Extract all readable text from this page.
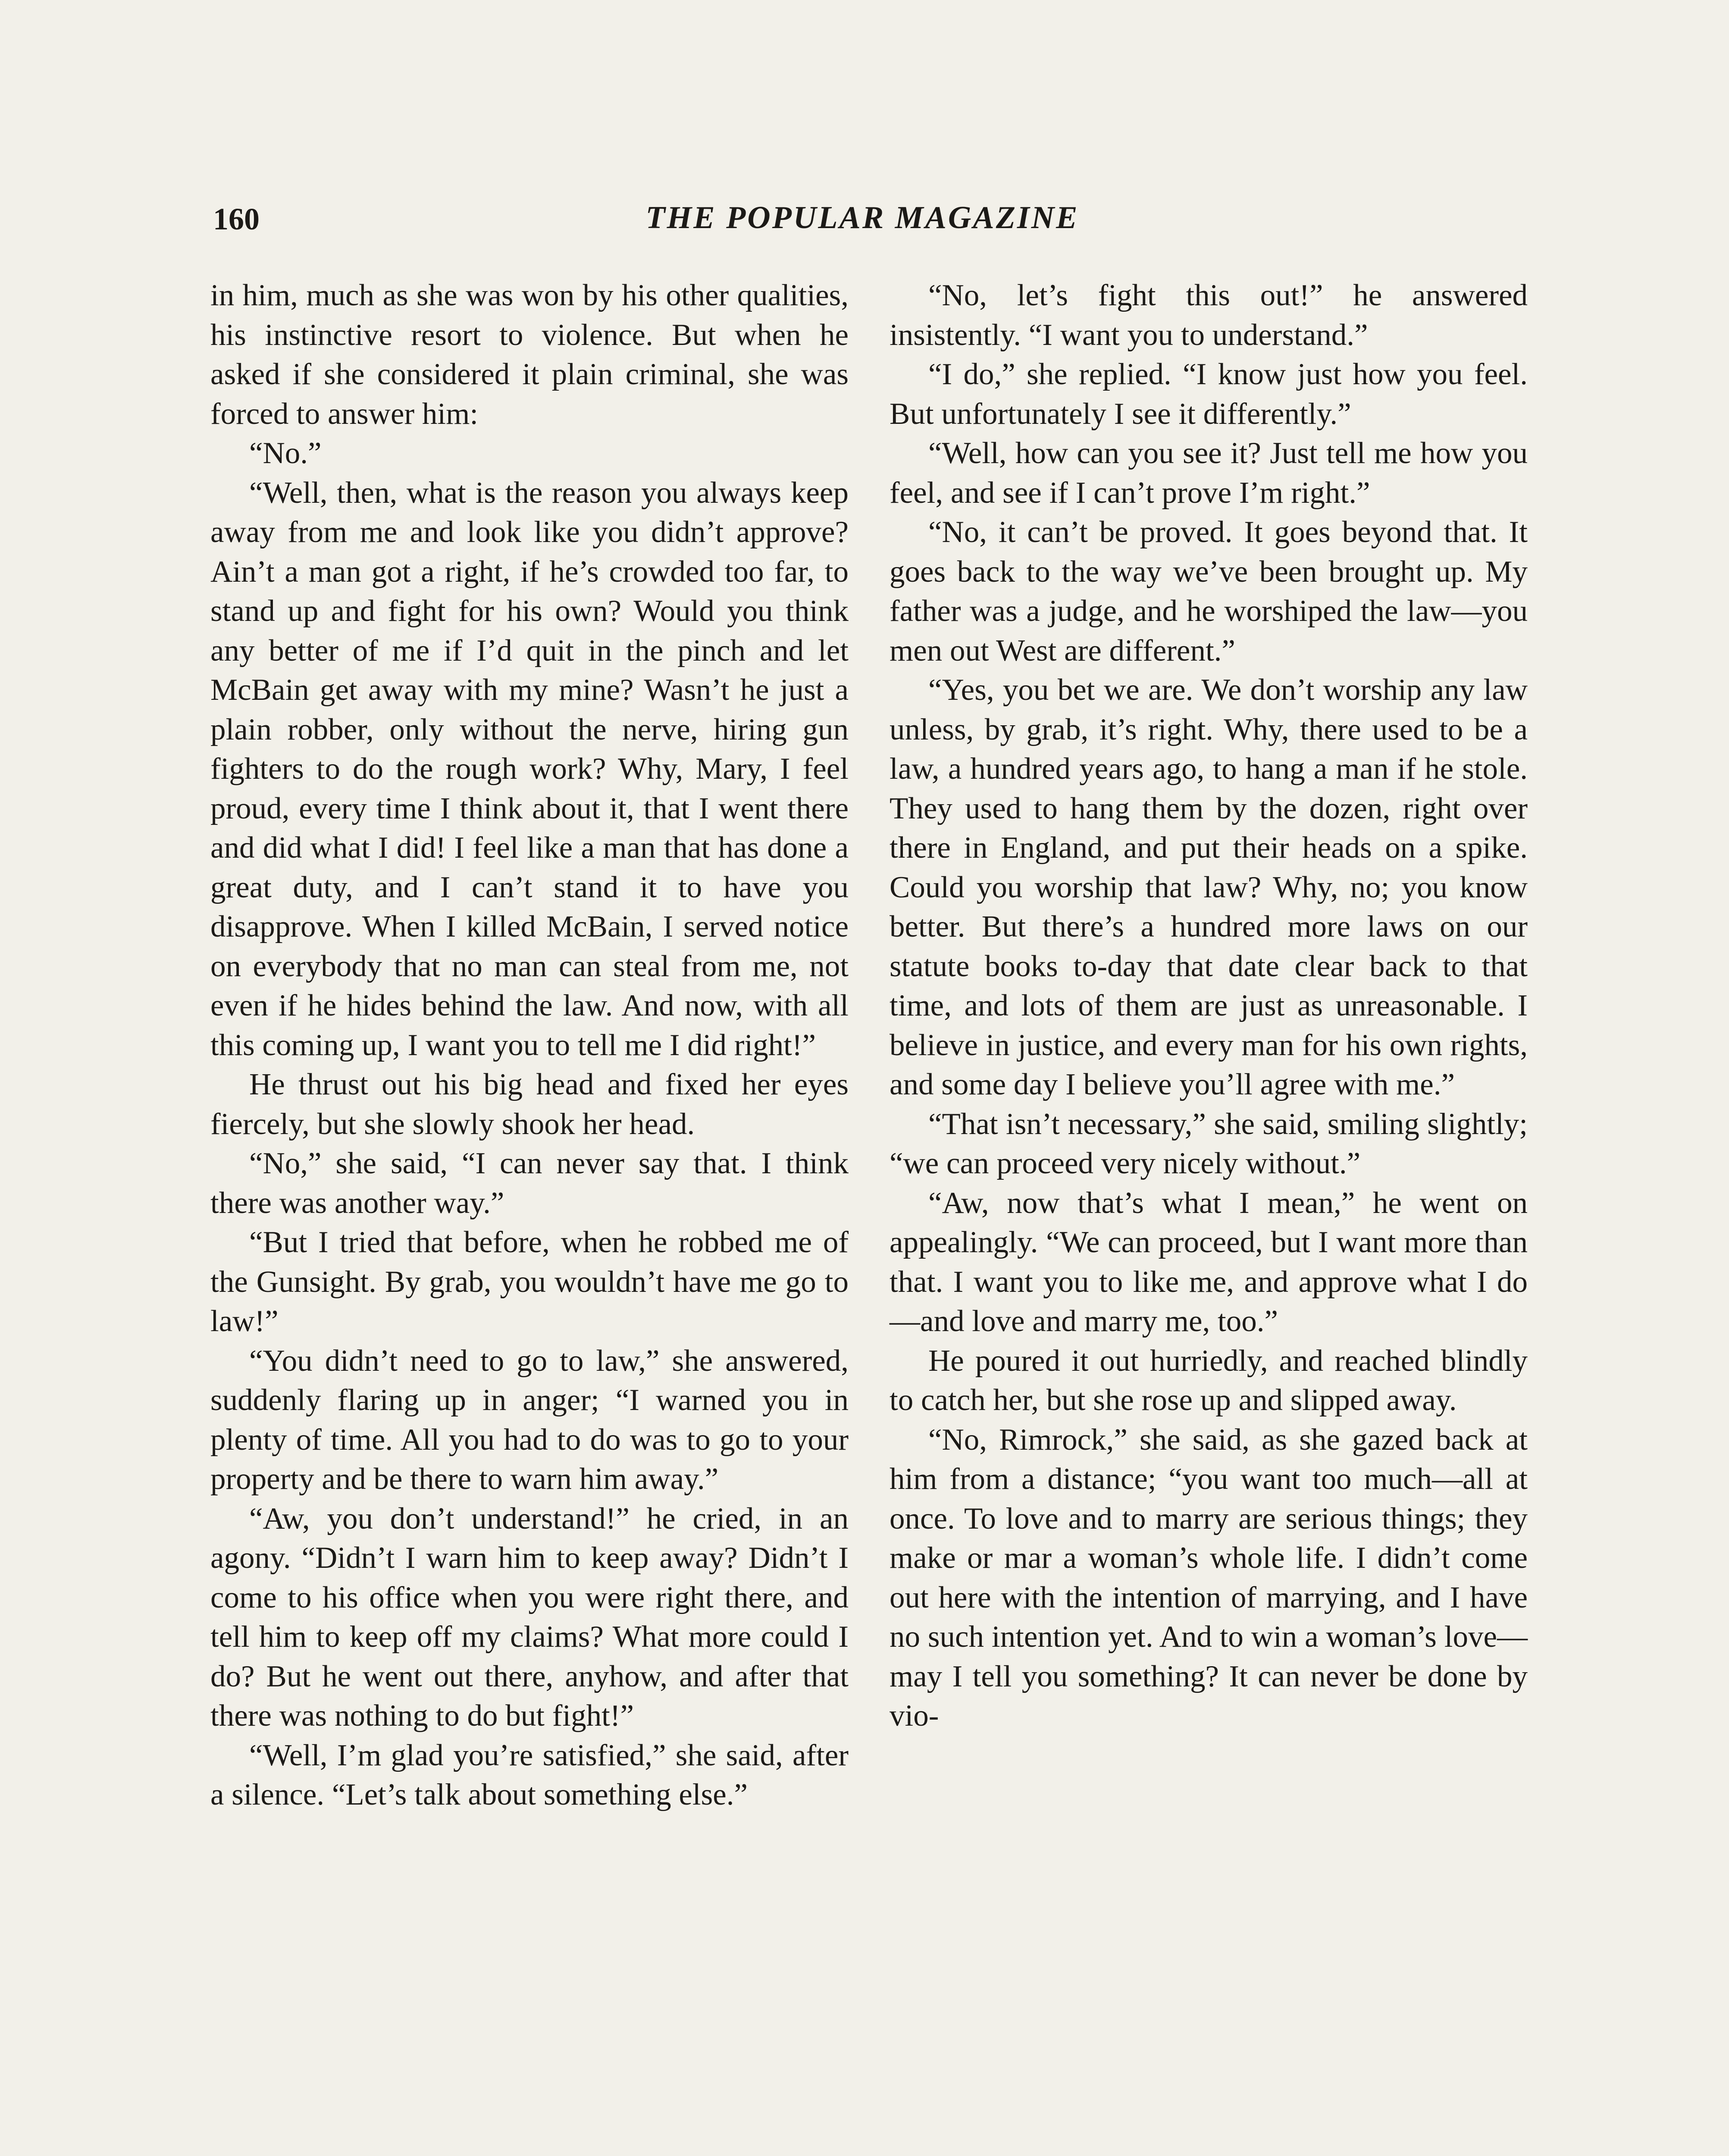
160	THE POPULAR MAGAZINE

in him, much as she was won by his other qualities, his instinctive resort to violence. But when he asked if she considered it plain criminal, she was forced to answer him:

“No.”

“Well, then, what is the reason you always keep away from me and look like you didn’t approve? Ain’t a man got a right, if he’s crowded too far, to stand up and fight for his own? Would you think any better of me if I’d quit in the pinch and let McBain get away with my mine? Wasn’t he just a plain robber, only without the nerve, hiring gun fighters to do the rough work? Why, Mary, I feel proud, every time I think about it, that I went there and did what I did! I feel like a man that has done a great duty, and I can’t stand it to have you disapprove. When I killed McBain, I served notice on everybody that no man can steal from me, not even if he hides behind the law. And now, with all this coming up, I want you to tell me I did right!”

He thrust out his big head and fixed her eyes fiercely, but she slowly shook her head.

“No,” she said, “I can never say that. I think there was another way.”

“But I tried that before, when he robbed me of the Gunsight. By grab, you wouldn’t have me go to law!”

“You didn’t need to go to law,” she answered, suddenly flaring up in anger; “I warned you in plenty of time. All you had to do was to go to your property and be there to warn him away.”

“Aw, you don’t understand!” he cried, in an agony. “Didn’t I warn him to keep away? Didn’t I come to his office when you were right there, and tell him to keep off my claims? What more could I do? But he went out there, anyhow, and after that there was nothing to do but fight!”

“Well, I’m glad you’re satisfied,” she said, after a silence. “Let’s talk about something else.”

“No, let’s fight this out!” he answered insistently. “I want you to understand.”

“I do,” she replied. “I know just how you feel. But unfortunately I see it differently.”

“Well, how can you see it? Just tell me how you feel, and see if I can’t prove I’m right.”

“No, it can’t be proved. It goes beyond that. It goes back to the way we’ve been brought up. My father was a judge, and he worshiped the law—you men out West are different.”

“Yes, you bet we are. We don’t worship any law unless, by grab, it’s right. Why, there used to be a law, a hundred years ago, to hang a man if he stole. They used to hang them by the dozen, right over there in England, and put their heads on a spike. Could you worship that law? Why, no; you know better. But there’s a hundred more laws on our statute books to-day that date clear back to that time, and lots of them are just as unreasonable. I believe in justice, and every man for his own rights, and some day I believe you’ll agree with me.”

“That isn’t necessary,” she said, smiling slightly; “we can proceed very nicely without.”

“Aw, now that’s what I mean,” he went on appealingly. “We can proceed, but I want more than that. I want you to like me, and approve what I do—and love and marry me, too.”

He poured it out hurriedly, and reached blindly to catch her, but she rose up and slipped away.

“No, Rimrock,” she said, as she gazed back at him from a distance; “you want too much—all at once. To love and to marry are serious things; they make or mar a woman’s whole life. I didn’t come out here with the intention of marrying, and I have no such intention yet. And to win a woman’s love—may I tell you something? It can never be done by vio-
